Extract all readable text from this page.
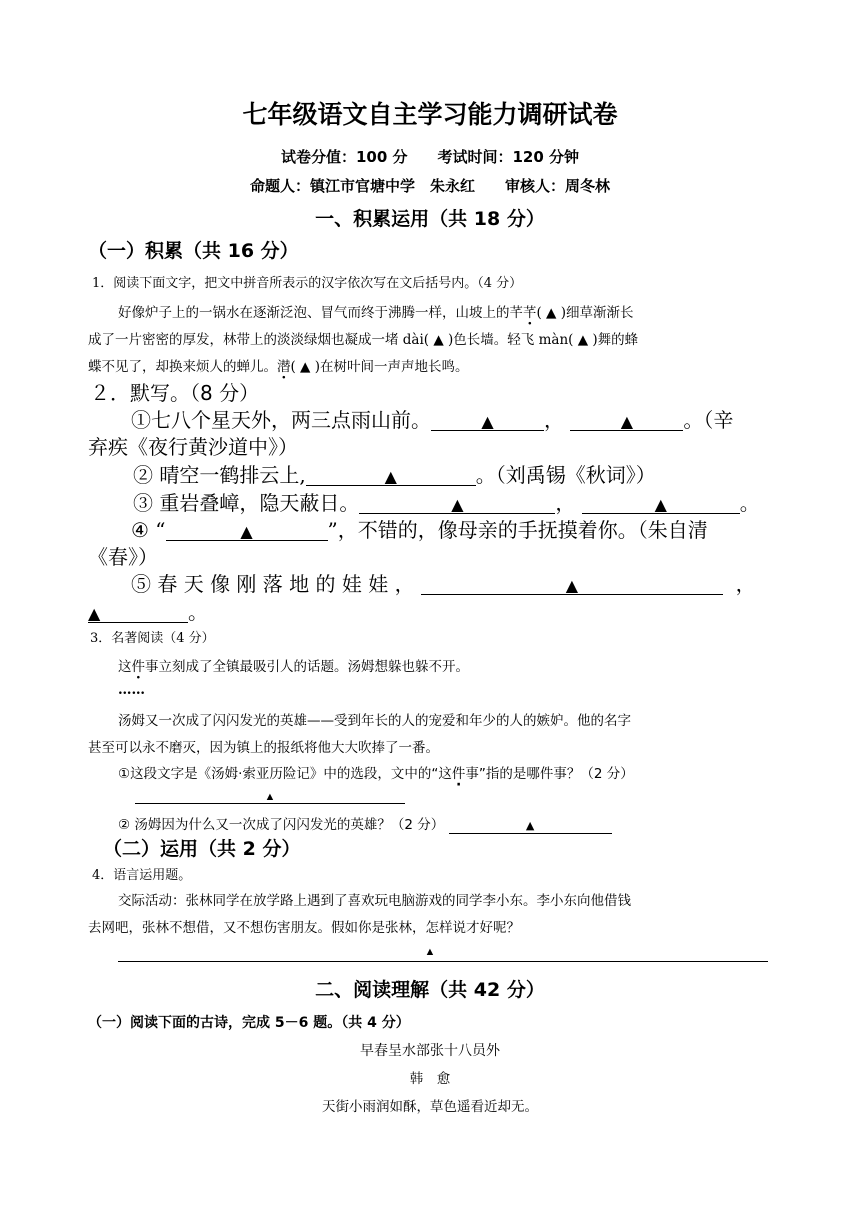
七年级语文自主学习能力调研试卷
试卷分值：100 分　　考试时间：120 分钟
命题人：镇江市官塘中学　朱永红　　审核人：周冬林
一、积累运用（共 18 分）
（一）积累（共 16 分）
1．阅读下面文字，把文中拼音所表示的汉字依次写在文后括号内。（4 分）
好像炉子上的一锅水在逐渐泛泡、冒气而终于沸腾一样，山坡上的芊芊( ▲ )细草渐渐长
成了一片密密的厚发，林带上的淡淡绿烟也凝成一堵 dài( ▲ )色长墙。轻飞 màn( ▲ )舞的蜂
蝶不见了，却换来烦人的蝉儿。潜( ▲ )在树叶间一声声地长鸣。
２．默写。（8 分）
①七八个星天外，两三点雨山前。	▲	，	▲	。（辛
弃疾《夜行黄沙道中》）
② 晴空一鹤排云上,	▲	。（刘禹锡《秋词》）
③ 重岩叠嶂，隐天蔽日。	▲	，	▲	。
④ “	▲	”，不错的，像母亲的手抚摸着你。（朱自清
《春》）
⑤ 春 天 像 刚 落 地 的 娃 娃 ，	▲	，
▲	。
3．名著阅读（4 分）
这件事立刻成了全镇最吸引人的话题。汤姆想躲也躲不开。
……
汤姆又一次成了闪闪发光的英雄——受到年长的人的宠爱和年少的人的嫉妒。他的名字
甚至可以永不磨灭，因为镇上的报纸将他大大吹捧了一番。
①这段文字是《汤姆·索亚历险记》中的选段，文中的“这件事”指的是哪件事？（2 分）
▲
② 汤姆因为什么又一次成了闪闪发光的英雄？（2 分）	▲
（二）运用（共 2 分）
4．语言运用题。
交际活动：张林同学在放学路上遇到了喜欢玩电脑游戏的同学李小东。李小东向他借钱
去网吧，张林不想借，又不想伤害朋友。假如你是张林，怎样说才好呢？
▲
二、阅读理解（共 42 分）
（一）阅读下面的古诗，完成 5－6 题。（共 4 分）
早春呈水部张十八员外
韩　愈
天街小雨润如酥，草色遥看近却无。
